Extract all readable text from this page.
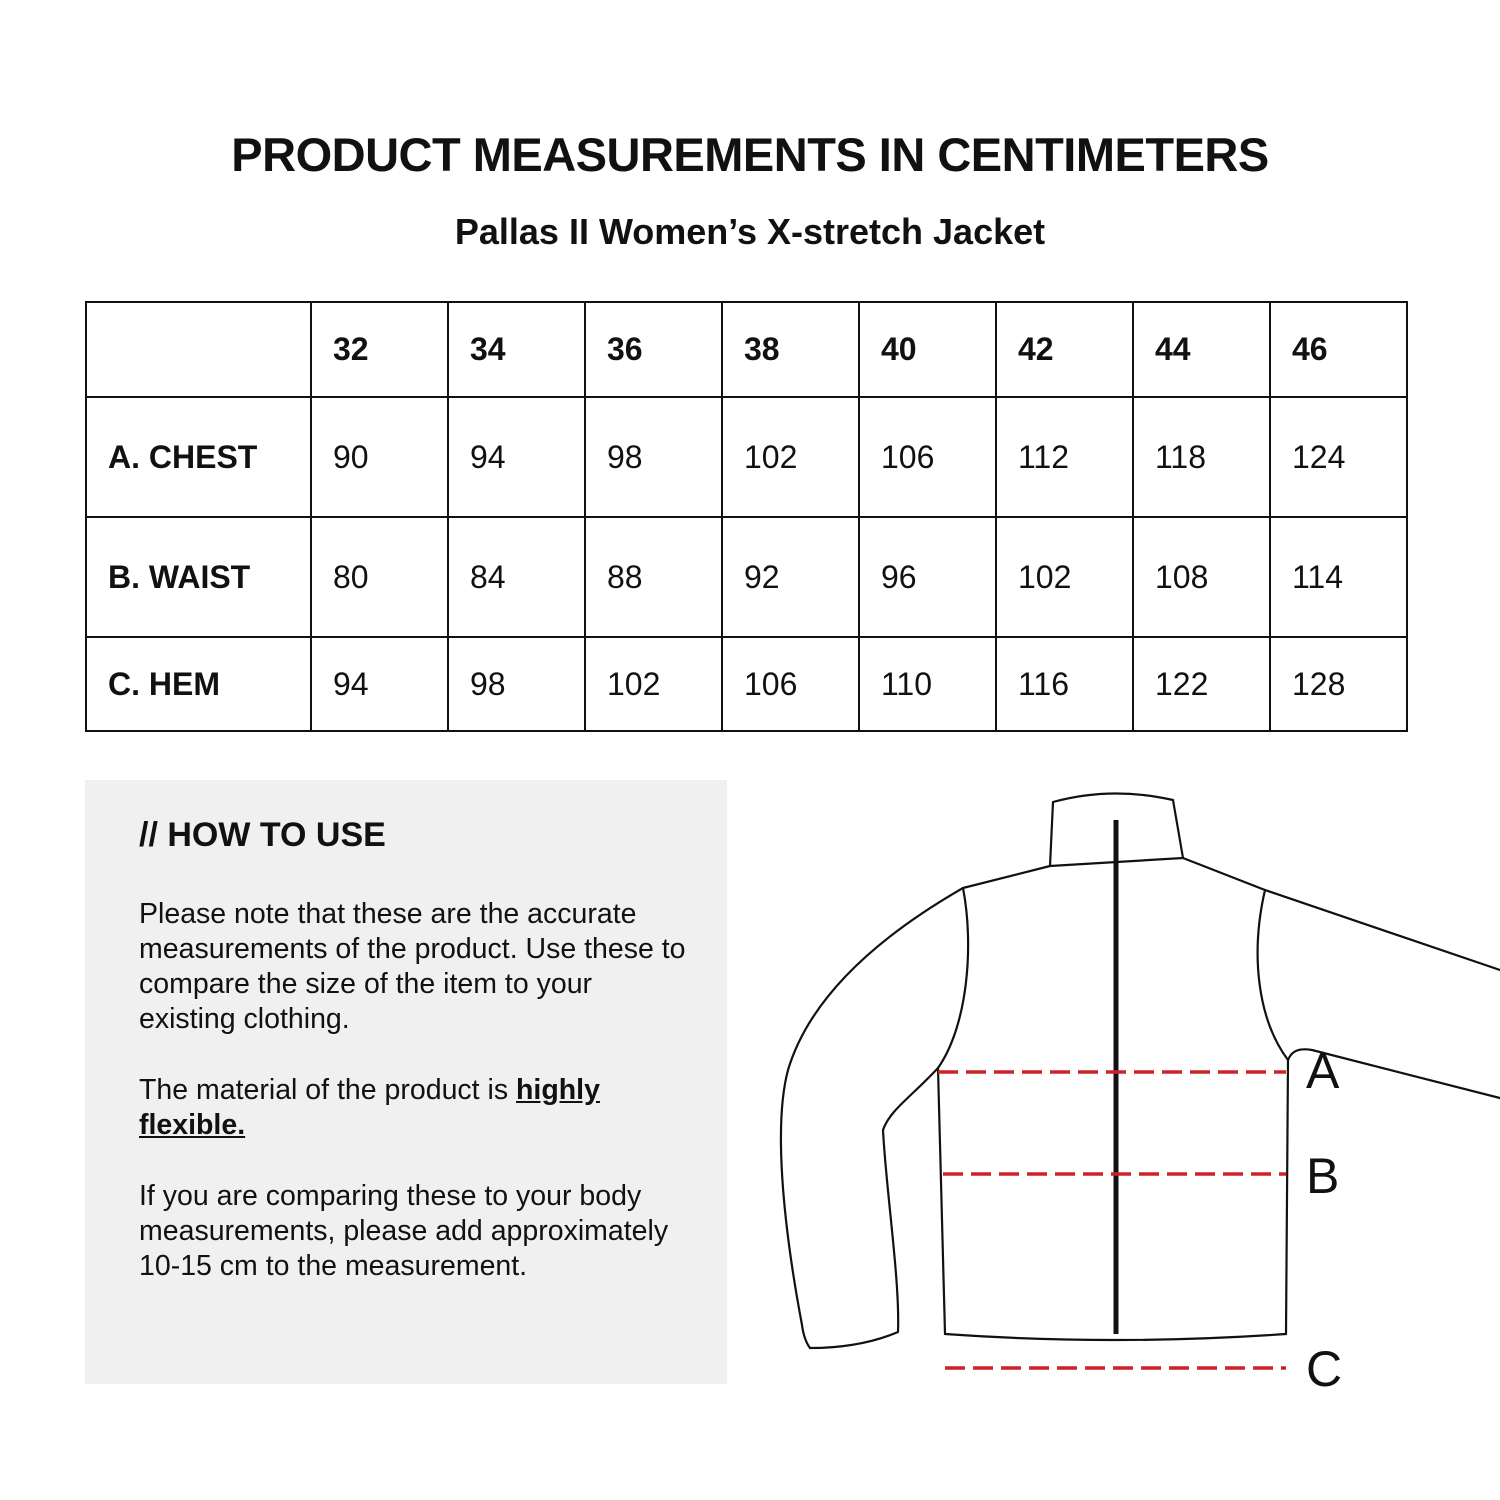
PRODUCT MEASUREMENTS IN CENTIMETERS
Pallas II Women’s X-stretch Jacket
	32	34	36	38	40	42	44	46
A. CHEST	90	94	98	102	106	112	118	124
B. WAIST	80	84	88	92	96	102	108	114
C. HEM	94	98	102	106	110	116	122	128
// HOW TO USE

Please note that these are the accurate measurements of the product. Use these to compare the size of the item to your existing clothing.

The material of the product is highly flexible.

If you are comparing these to your body measurements, please add approximately 10-15 cm to the measurement.

A
B
C
